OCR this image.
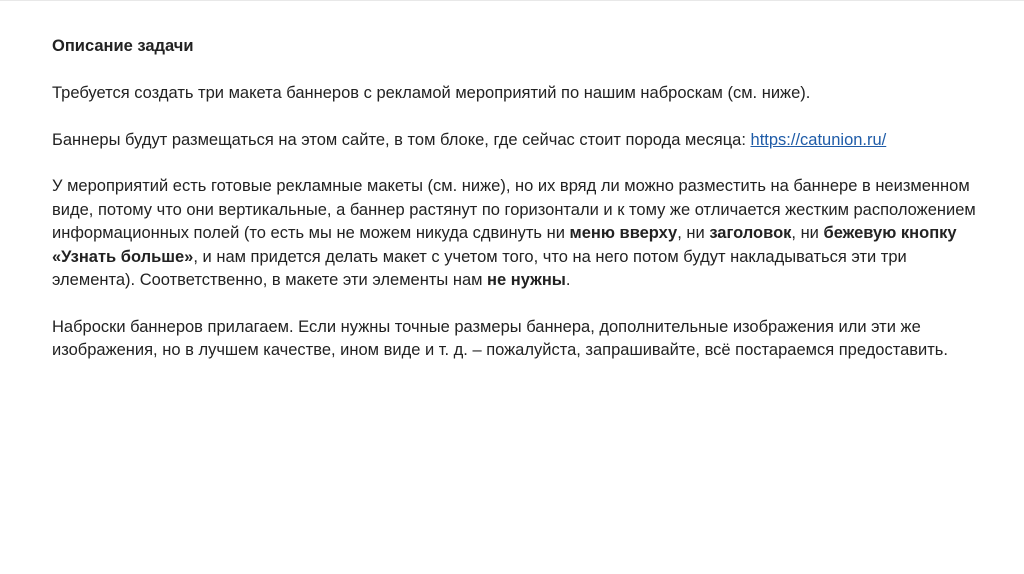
Описание задачи

Требуется создать три макета баннеров с рекламой мероприятий по нашим наброскам (см. ниже).

Баннеры будут размещаться на этом сайте, в том блоке, где сейчас стоит порода месяца: https://catunion.ru/

У мероприятий есть готовые рекламные макеты (см. ниже), но их вряд ли можно разместить на баннере в неизменном виде, потому что они вертикальные, а баннер растянут по горизонтали и к тому же отличается жестким расположением информационных полей (то есть мы не можем никуда сдвинуть ни меню вверху, ни заголовок, ни бежевую кнопку «Узнать больше», и нам придется делать макет с учетом того, что на него потом будут накладываться эти три элемента). Соответственно, в макете эти элементы нам не нужны.

Наброски баннеров прилагаем. Если нужны точные размеры баннера, дополнительные изображения или эти же изображения, но в лучшем качестве, ином виде и т. д. – пожалуйста, запрашивайте, всё постараемся предоставить.
